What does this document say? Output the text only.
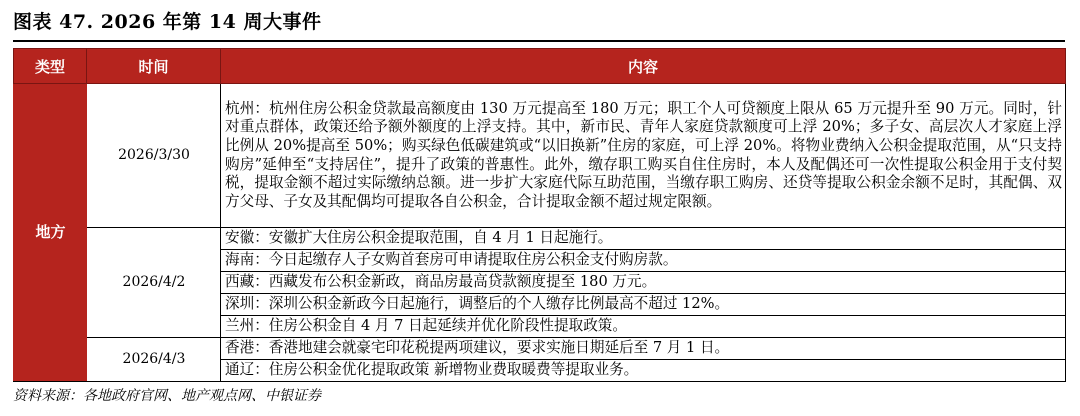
图表 47. 2026 年第 14 周大事件
类型	时间	内容
地方	2026/3/30	杭州：杭州住房公积金贷款最高额度由 130 万元提高至 180 万元；职工个人可贷额度上限从 65 万元提升至 90 万元。同时，针对重点群体，政策还给予额外额度的上浮支持。其中，新市民、青年人家庭贷款额度可上浮 20%；多子女、高层次人才家庭上浮比例从 20%提高至 50%；购买绿色低碳建筑或“以旧换新”住房的家庭，可上浮 20%。将物业费纳入公积金提取范围，从“只支持购房”延伸至“支持居住”，提升了政策的普惠性。此外，缴存职工购买自住住房时，本人及配偶还可一次性提取公积金用于支付契税，提取金额不超过实际缴纳总额。进一步扩大家庭代际互助范围，当缴存职工购房、还贷等提取公积金余额不足时，其配偶、双方父母、子女及其配偶均可提取各自公积金，合计提取金额不超过规定限额。
	2026/4/2	安徽：安徽扩大住房公积金提取范围，自 4 月 1 日起施行。
		海南：今日起缴存人子女购首套房可申请提取住房公积金支付购房款。
		西藏：西藏发布公积金新政，商品房最高贷款额度提至 180 万元。
		深圳：深圳公积金新政今日起施行，调整后的个人缴存比例最高不超过 12%。
		兰州：住房公积金自 4 月 7 日起延续并优化阶段性提取政策。
	2026/4/3	香港：香港地建会就豪宅印花税提两项建议，要求实施日期延后至 7 月 1 日。
		通辽：住房公积金优化提取政策 新增物业费取暖费等提取业务。
资料来源：各地政府官网、地产观点网、中银证券
